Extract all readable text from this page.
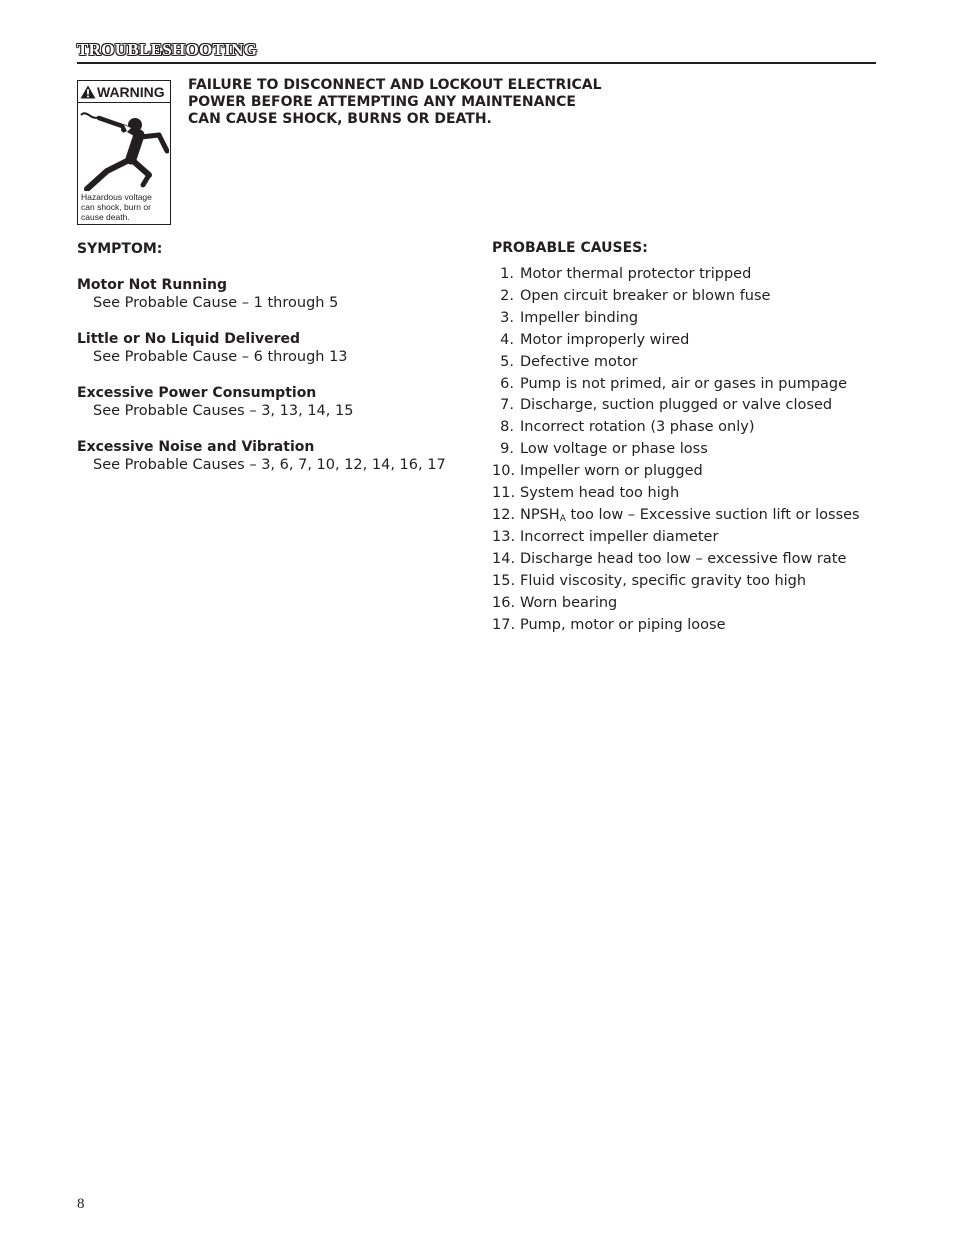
TROUBLESHOOTING
WARNING
Hazardous voltage can shock, burn or cause death.
FAILURE TO DISCONNECT AND LOCKOUT ELECTRICAL
POWER BEFORE ATTEMPTING ANY MAINTENANCE
CAN CAUSE SHOCK, BURNS OR DEATH.
SYMPTOM:
Motor Not Running
See Probable Cause – 1 through 5
Little or No Liquid Delivered
See Probable Cause – 6 through 13
Excessive Power Consumption
See Probable Causes – 3, 13, 14, 15
Excessive Noise and Vibration
See Probable Causes – 3, 6, 7, 10, 12, 14, 16, 17
PROBABLE CAUSES:
1. Motor thermal protector tripped
2. Open circuit breaker or blown fuse
3. Impeller binding
4. Motor improperly wired
5. Defective motor
6. Pump is not primed, air or gases in pumpage
7. Discharge, suction plugged or valve closed
8. Incorrect rotation (3 phase only)
9. Low voltage or phase loss
10. Impeller worn or plugged
11. System head too high
12. $NPSH_A$ too low – Excessive suction lift or losses
13. Incorrect impeller diameter
14. Discharge head too low – excessive flow rate
15. Fluid viscosity, specific gravity too high
16. Worn bearing
17. Pump, motor or piping loose
8
